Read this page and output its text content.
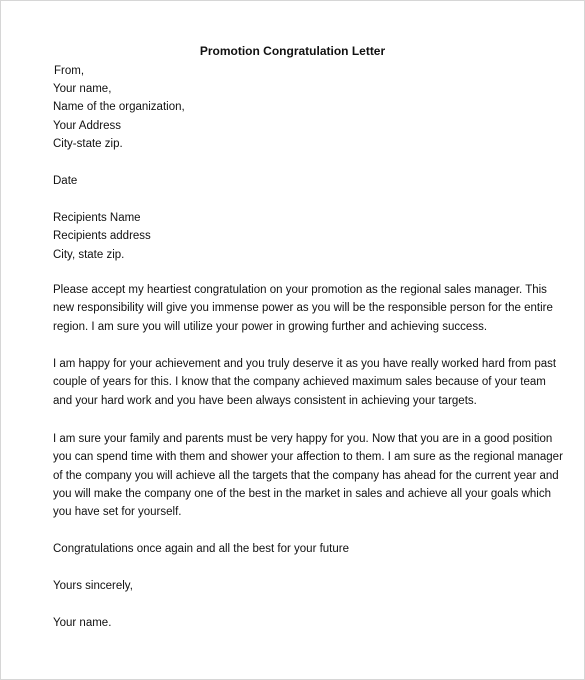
Promotion Congratulation Letter
From,
Your name,
Name of the organization,
Your Address
City-state zip.
Date
Recipients Name
Recipients address
City, state zip.
Please accept my heartiest congratulation on your promotion as the regional sales manager. This
new responsibility will give you immense power as you will be the responsible person for the entire
region. I am sure you will utilize your power in growing further and achieving success.
I am happy for your achievement and you truly deserve it as you have really worked hard from past
couple of years for this. I know that the company achieved maximum sales because of your team
and your hard work and you have been always consistent in achieving your targets.
I am sure your family and parents must be very happy for you. Now that you are in a good position
you can spend time with them and shower your affection to them. I am sure as the regional manager
of the company you will achieve all the targets that the company has ahead for the current year and
you will make the company one of the best in the market in sales and achieve all your goals which
you have set for yourself.
Congratulations once again and all the best for your future
Yours sincerely,
Your name.
